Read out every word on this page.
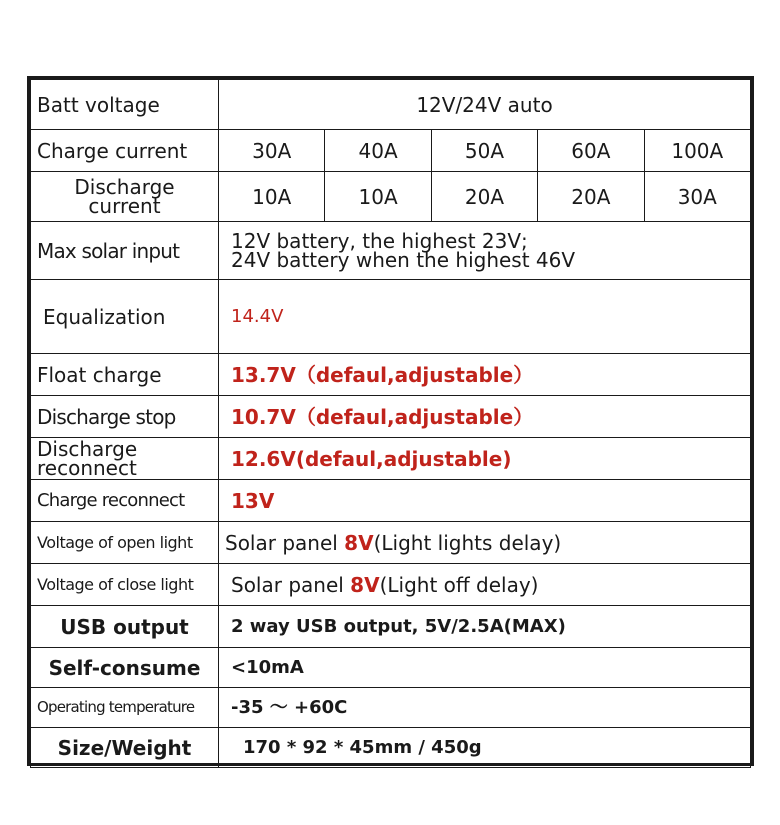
Batt voltage	12V/24V auto				
Charge current	30A	40A	50A	60A	100A

Discharge
current	10A	10A	20A	20A	30A
Max solar input	12V battery, the highest 23V;
24V battery when the highest 46V				

Equalization	14.4V				
Float charge	13.7V（defaul,adjustable）				
Discharge stop	10.7V（defaul,adjustable）				

Discharge
reconnect	12.6V(defaul,adjustable)				
Charge reconnect	13V				
Voltage of open light	Solar panel 8V(Light lights delay)				
Voltage of close light	Solar panel 8V(Light off delay)				
USB output	2 way USB output, 5V/2.5A(MAX)				
Self-consume	<10mA				
Operating temperature	-35 ～ +60C				
Size/Weight	170 * 92 * 45mm / 450g				
